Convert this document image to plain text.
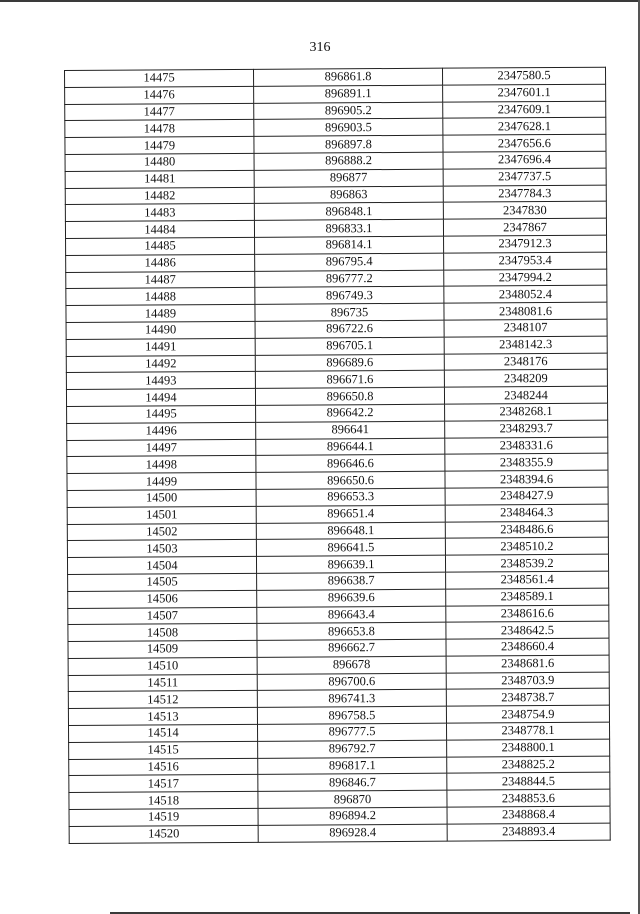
316
14475	896861.8	2347580.5
14476	896891.1	2347601.1
14477	896905.2	2347609.1
14478	896903.5	2347628.1
14479	896897.8	2347656.6
14480	896888.2	2347696.4
14481	896877	2347737.5
14482	896863	2347784.3
14483	896848.1	2347830
14484	896833.1	2347867
14485	896814.1	2347912.3
14486	896795.4	2347953.4
14487	896777.2	2347994.2
14488	896749.3	2348052.4
14489	896735	2348081.6
14490	896722.6	2348107
14491	896705.1	2348142.3
14492	896689.6	2348176
14493	896671.6	2348209
14494	896650.8	2348244
14495	896642.2	2348268.1
14496	896641	2348293.7
14497	896644.1	2348331.6
14498	896646.6	2348355.9
14499	896650.6	2348394.6
14500	896653.3	2348427.9
14501	896651.4	2348464.3
14502	896648.1	2348486.6
14503	896641.5	2348510.2
14504	896639.1	2348539.2
14505	896638.7	2348561.4
14506	896639.6	2348589.1
14507	896643.4	2348616.6
14508	896653.8	2348642.5
14509	896662.7	2348660.4
14510	896678	2348681.6
14511	896700.6	2348703.9
14512	896741.3	2348738.7
14513	896758.5	2348754.9
14514	896777.5	2348778.1
14515	896792.7	2348800.1
14516	896817.1	2348825.2
14517	896846.7	2348844.5
14518	896870	2348853.6
14519	896894.2	2348868.4
14520	896928.4	2348893.4
